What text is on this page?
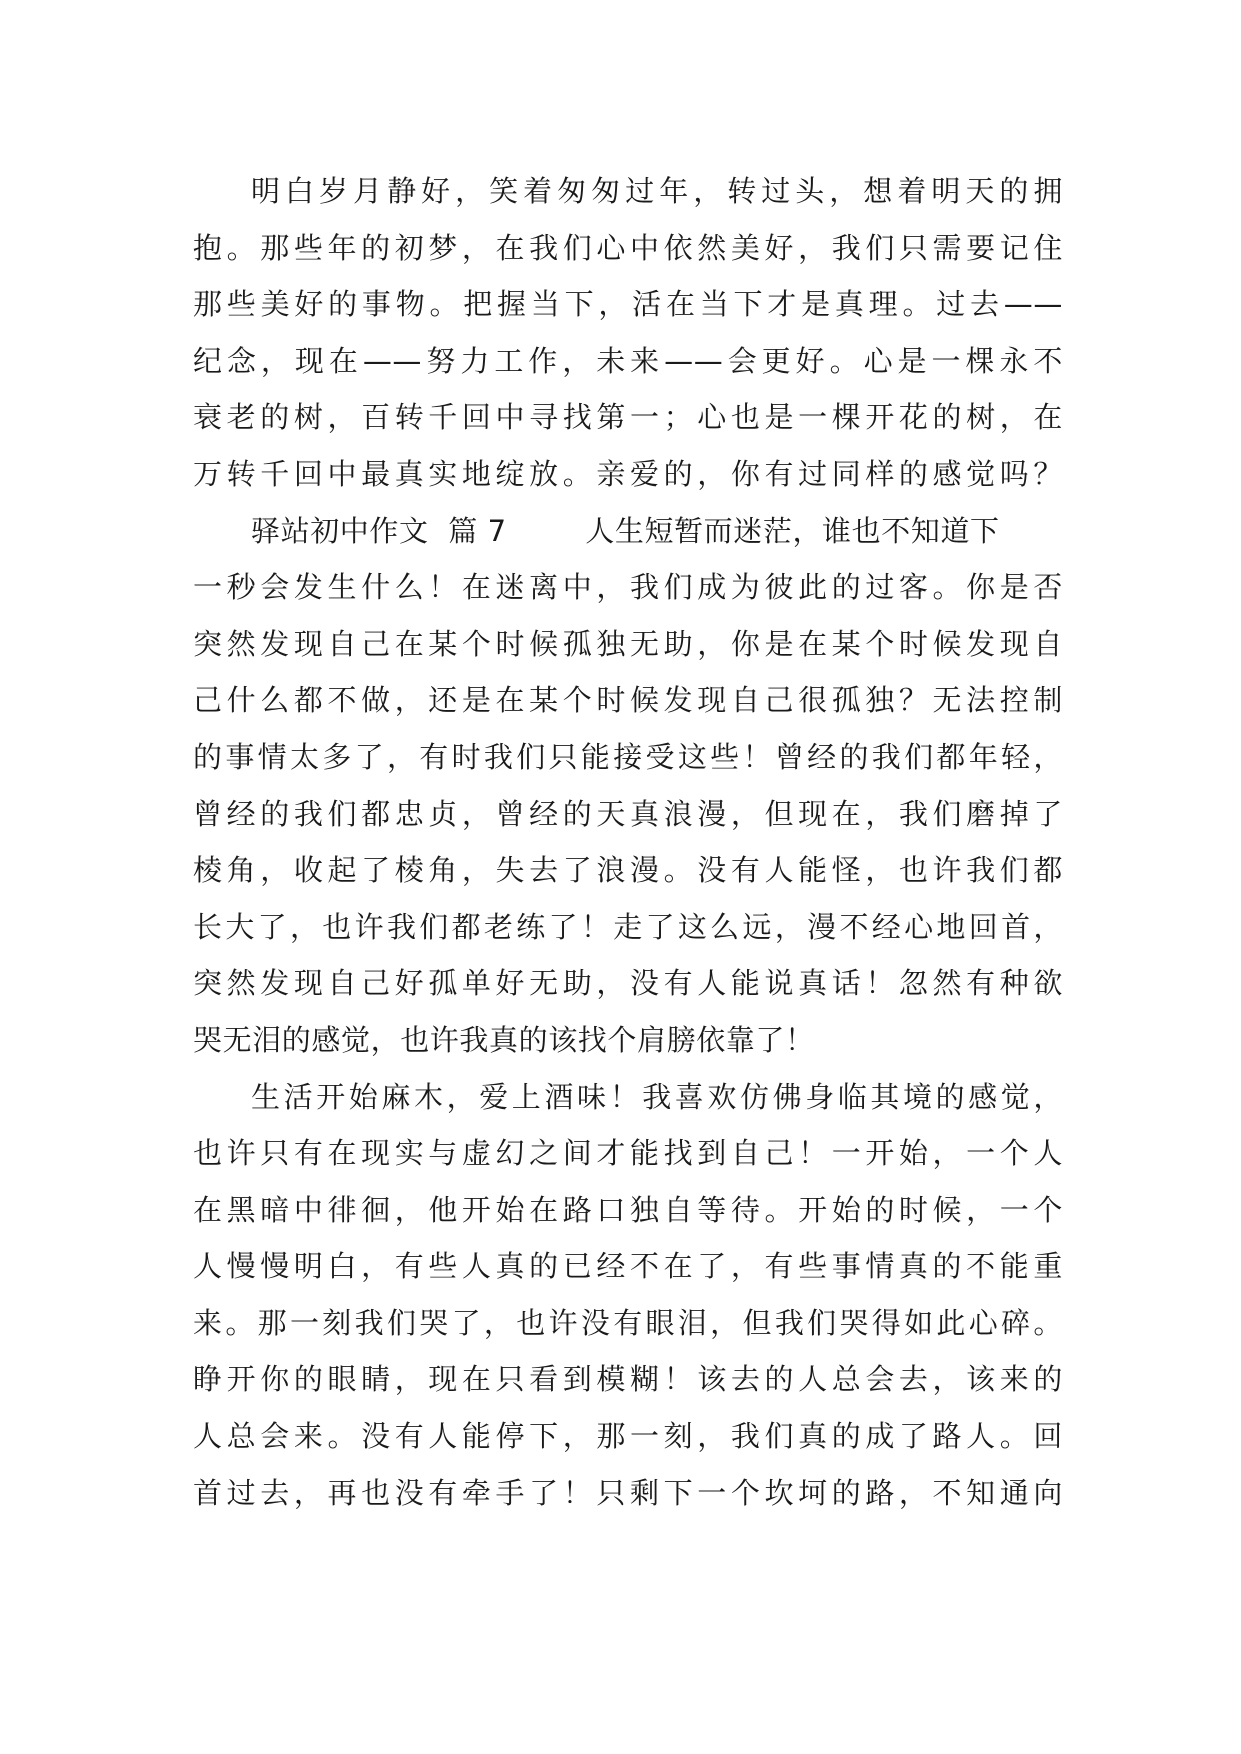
明白岁月静好，笑着匆匆过年，转过头，想着明天的拥
抱。那些年的初梦，在我们心中依然美好，我们只需要记住
那些美好的事物。把握当下，活在当下才是真理。过去——
纪念，现在——努力工作，未来——会更好。心是一棵永不
衰老的树，百转千回中寻找第一；心也是一棵开花的树，在
万转千回中最真实地绽放。亲爱的，你有过同样的感觉吗？
驿站初中作文  篇 7        人生短暂而迷茫，谁也不知道下
一秒会发生什么！在迷离中，我们成为彼此的过客。你是否
突然发现自己在某个时候孤独无助，你是在某个时候发现自
己什么都不做，还是在某个时候发现自己很孤独？无法控制
的事情太多了，有时我们只能接受这些！曾经的我们都年轻，
曾经的我们都忠贞，曾经的天真浪漫，但现在，我们磨掉了
棱角，收起了棱角，失去了浪漫。没有人能怪，也许我们都
长大了，也许我们都老练了！走了这么远，漫不经心地回首，
突然发现自己好孤单好无助，没有人能说真话！忽然有种欲
哭无泪的感觉，也许我真的该找个肩膀依靠了！
生活开始麻木，爱上酒味！我喜欢仿佛身临其境的感觉，
也许只有在现实与虚幻之间才能找到自己！一开始，一个人
在黑暗中徘徊，他开始在路口独自等待。开始的时候，一个
人慢慢明白，有些人真的已经不在了，有些事情真的不能重
来。那一刻我们哭了，也许没有眼泪，但我们哭得如此心碎。
睁开你的眼睛，现在只看到模糊！该去的人总会去，该来的
人总会来。没有人能停下，那一刻，我们真的成了路人。回
首过去，再也没有牵手了！只剩下一个坎坷的路，不知通向
